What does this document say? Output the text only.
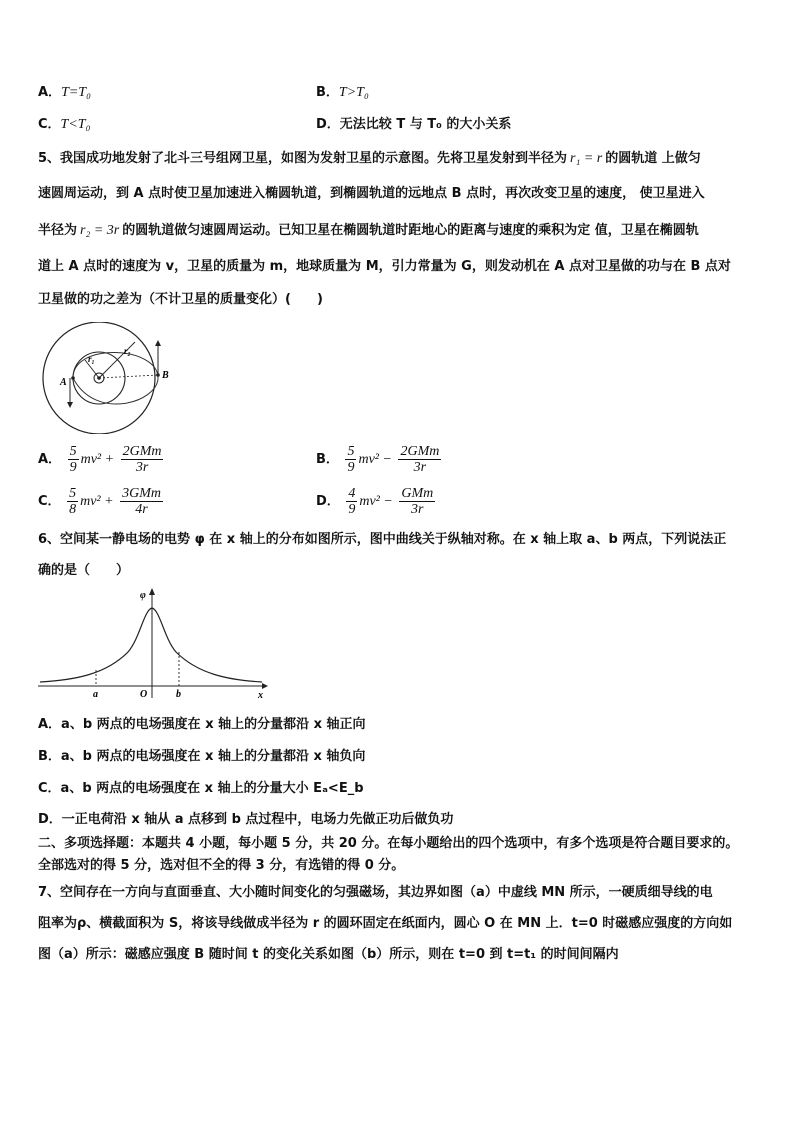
A．T=T₀	B．T>T₀
C．T<T₀	D．无法比较 T 与 T₀ 的大小关系
5、我国成功地发射了北斗三号组网卫星，如图为发射卫星的示意图。先将卫星发射到半径为 r₁ = r 的圆轨道 上做匀
速圆周运动，到 A 点时使卫星加速进入椭圆轨道，到椭圆轨道的远地点 B 点时，再次改变卫星的速度， 使卫星进入
半径为 r₂ = 3r 的圆轨道做匀速圆周运动。已知卫星在椭圆轨道时距地心的距离与速度的乘积为定 值，卫星在椭圆轨
道上 A 点时的速度为 v，卫星的质量为 m，地球质量为 M，引力常量为 G，则发动机在 A 点对卫星做的功与在 B 点对
卫星做的功之差为（不计卫星的质量变化）(　　)
r₁
r₂
A
B
A． $\frac{5}{9} mv^2 + \frac{\text{2GMm}}{3r}$	B． $\frac{5}{9} mv^2 - \frac{\text{2GMm}}{3r}$
C． $\frac{5}{8} mv^2 + \frac{\text{3GMm}}{4r}$	D． $\frac{4}{9} mv^2 - \frac{\text{GMm}}{3r}$
6、空间某一静电场的电势 φ 在 x 轴上的分布如图所示，图中曲线关于纵轴对称。在 x 轴上取 a、b 两点，下列说法正
确的是（　　）
φ
x
a	O	b
A．a、b 两点的电场强度在 x 轴上的分量都沿 x 轴正向
B．a、b 两点的电场强度在 x 轴上的分量都沿 x 轴负向
C．a、b 两点的电场强度在 x 轴上的分量大小 Eₐ<E_b
D．一正电荷沿 x 轴从 a 点移到 b 点过程中，电场力先做正功后做负功
二、多项选择题：本题共 4 小题，每小题 5 分，共 20 分。在每小题给出的四个选项中，有多个选项是符合题目要求的。
全部选对的得 5 分，选对但不全的得 3 分，有选错的得 0 分。
7、空间存在一方向与直面垂直、大小随时间变化的匀强磁场，其边界如图（a）中虚线 MN 所示，一硬质细导线的电
阻率为ρ、横截面积为 S，将该导线做成半径为 r 的圆环固定在纸面内，圆心 O 在 MN 上．t=0 时磁感应强度的方向如
图（a）所示：磁感应强度 B 随时间 t 的变化关系如图（b）所示，则在 t=0 到 t=t₁ 的时间间隔内
